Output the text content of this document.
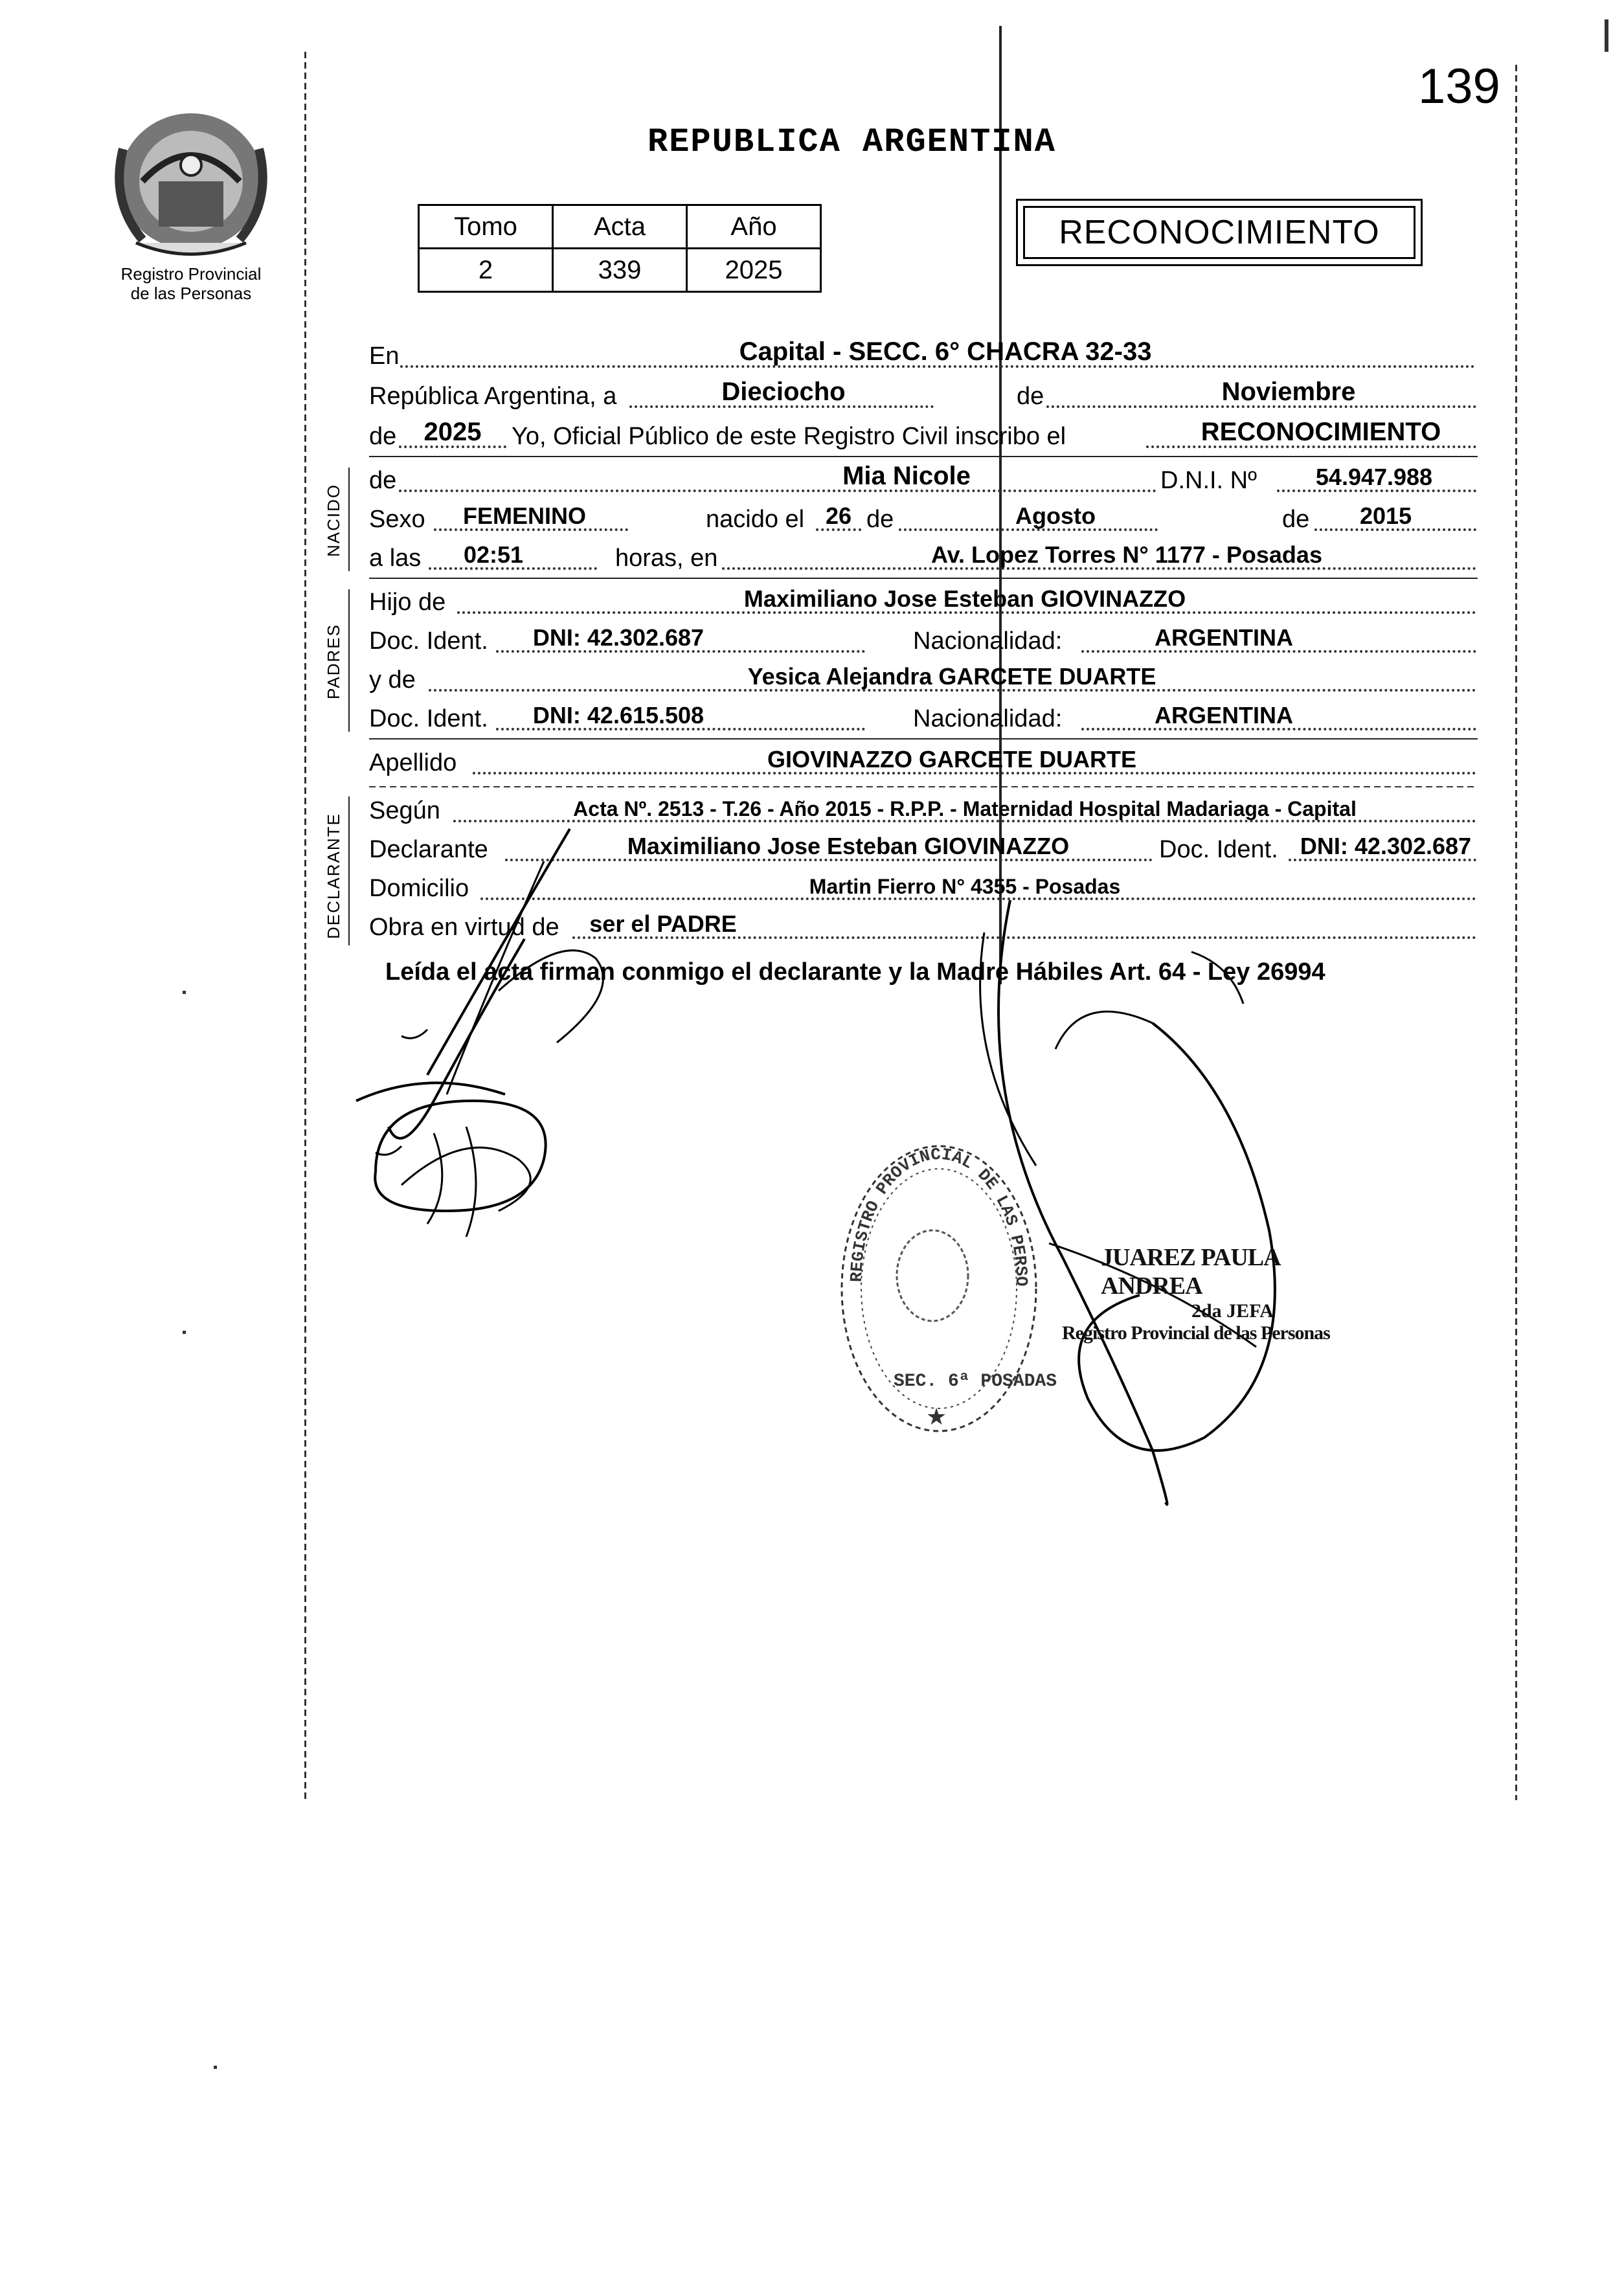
Registro Provincial
de las Personas
139
REPUBLICA ARGENTINA
Tomo	Acta	Año
2	339	2025
RECONOCIMIENTO
En	Capital - SECC. 6° CHACRA 32-33
República Argentina, a	Dieciocho	de	Noviembre
de	2025	Yo, Oficial Público de este Registro Civil inscribo el	RECONOCIMIENTO
NACIDO
de	Mia Nicole	D.N.I. Nº	54.947.988
Sexo	FEMENINO	nacido el 26 de	Agosto	de	2015
a las	02:51	horas, en	Av. Lopez Torres N° 1177 - Posadas
PADRES
Hijo de	Maximiliano Jose Esteban GIOVINAZZO
Doc. Ident.	DNI: 42.302.687	Nacionalidad:	ARGENTINA
y de	Yesica Alejandra GARCETE DUARTE
Doc. Ident.	DNI: 42.615.508	Nacionalidad:	ARGENTINA
Apellido	GIOVINAZZO GARCETE DUARTE
DECLARANTE
Según	Acta Nº. 2513 - T.26 - Año 2015 - R.P.P. - Maternidad Hospital Madariaga - Capital
Declarante	Maximiliano Jose Esteban GIOVINAZZO	Doc. Ident. DNI: 42.302.687
Domicilio	Martin Fierro N° 4355 - Posadas
Obra en virtud de	ser el PADRE
Leída el acta firman conmigo el declarante y la Madre Hábiles Art. 64 - Ley 26994
REGISTRO PROVINCIAL DE LAS PERSONAS
SEC. 6ª POSADAS
★
JUAREZ PAULA ANDREA
2da JEFA
Registro Provincial de las Personas
